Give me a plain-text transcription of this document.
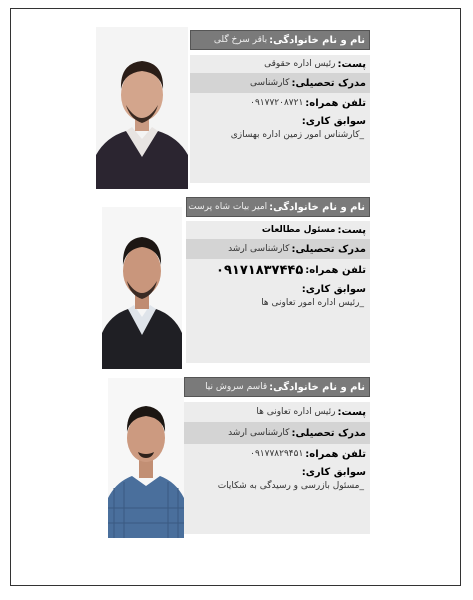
نام و نام خانوادگی:
باقر سرخ گلی
پست:
رئیس اداره حقوقی
مدرک تحصیلی:
کارشناسی
تلفن همراه:
۰۹۱۷۷۲۰۸۷۲۱
سوابق کاری:
_کارشناس امور زمین اداره بهسازی
نام و نام خانوادگی:
امیر بیات شاه پرست
پست:
مسئول مطالعات
مدرک تحصیلی:
کارشناسی ارشد
تلفن همراه:
۰۹۱۷۱۸۳۷۴۴۵
سوابق کاری:
_رئیس اداره امور تعاونی ها
نام و نام خانوادگی:
قاسم سروش نیا
پست:
رئیس اداره تعاونی ها
مدرک تحصیلی:
کارشناسی ارشد
تلفن همراه:
۰۹۱۷۷۸۲۹۴۵۱
سوابق کاری:
_مسئول بازرسی و رسیدگی به شکایات
